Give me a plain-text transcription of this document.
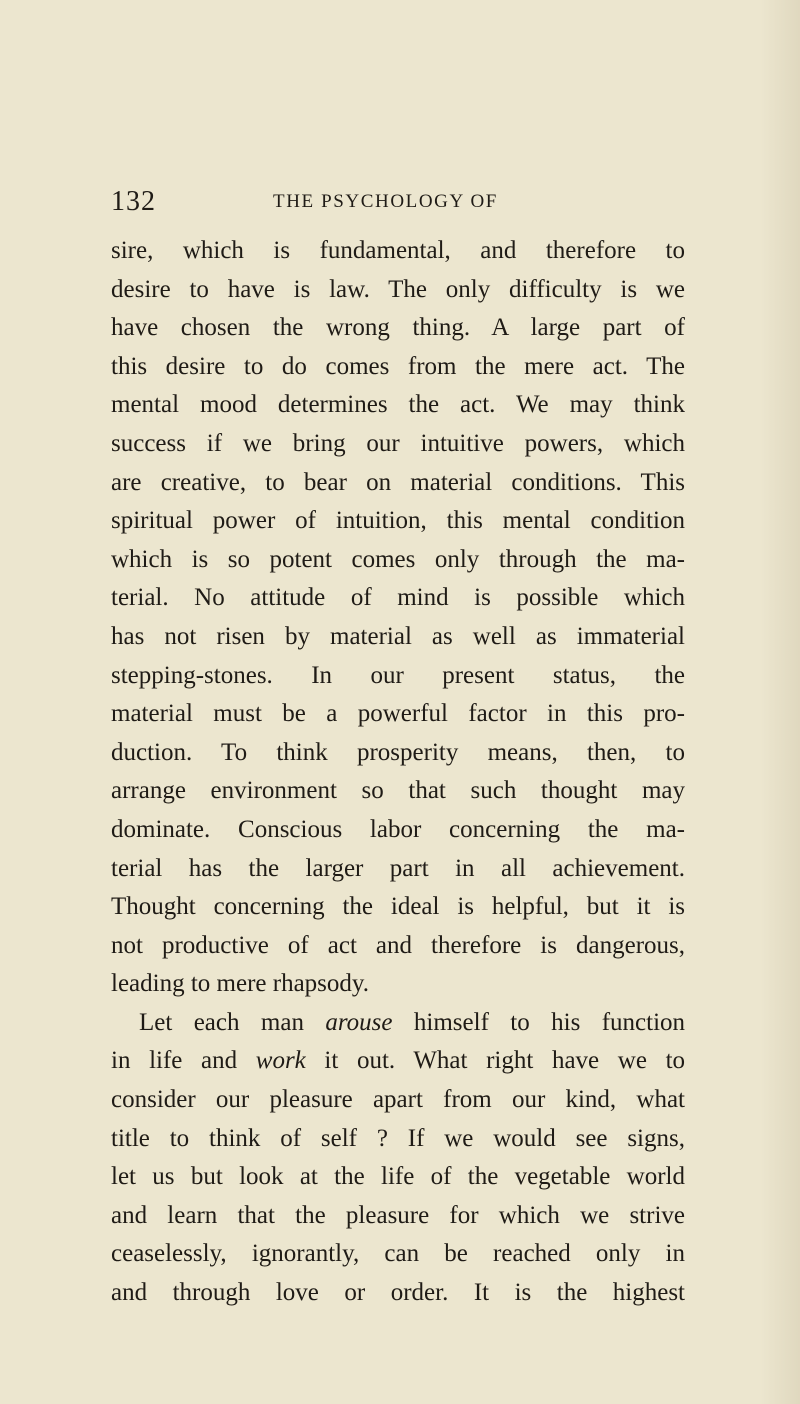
132	THE PSYCHOLOGY OF
sire, which is fundamental, and therefore to
desire to have is law. The only difficulty is we
have chosen the wrong thing. A large part of
this desire to do comes from the mere act. The
mental mood determines the act. We may think
success if we bring our intuitive powers, which
are creative, to bear on material conditions. This
spiritual power of intuition, this mental condition
which is so potent comes only through the ma-
terial. No attitude of mind is possible which
has not risen by material as well as immaterial
stepping-stones. In our present status, the
material must be a powerful factor in this pro-
duction. To think prosperity means, then, to
arrange environment so that such thought may
dominate. Conscious labor concerning the ma-
terial has the larger part in all achievement.
Thought concerning the ideal is helpful, but it is
not productive of act and therefore is dangerous,
leading to mere rhapsody.
Let each man arouse himself to his function
in life and work it out. What right have we to
consider our pleasure apart from our kind, what
title to think of self ? If we would see signs,
let us but look at the life of the vegetable world
and learn that the pleasure for which we strive
ceaselessly, ignorantly, can be reached only in
and through love or order. It is the highest
